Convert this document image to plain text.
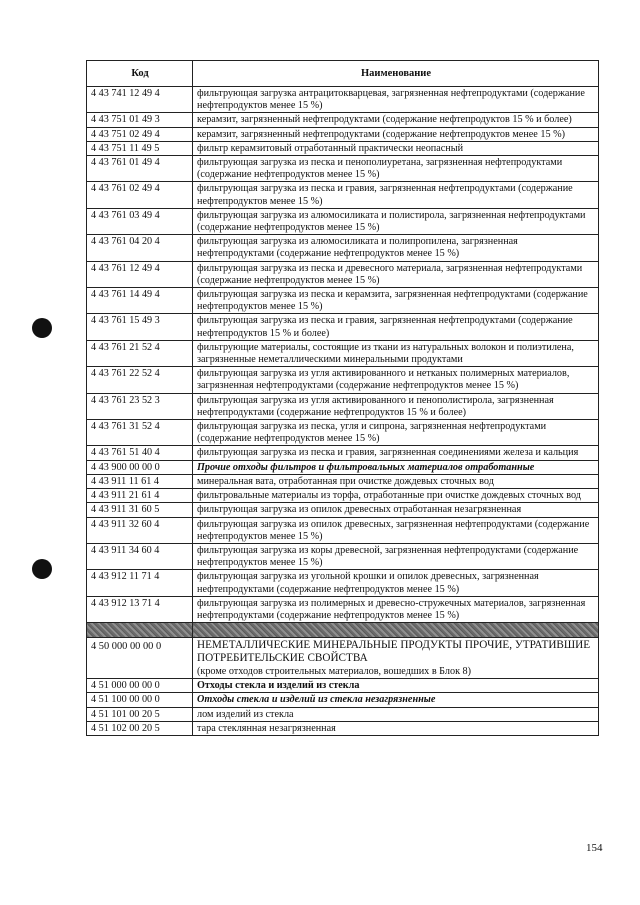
Код	Наименование
4 43 741 12 49 4	фильтрующая загрузка антрацитокварцевая, загрязненная нефтепродуктами (содержание нефтепродуктов менее 15 %)
4 43 751 01 49 3	керамзит, загрязненный нефтепродуктами (содержание нефтепродуктов 15 % и более)
4 43 751 02 49 4	керамзит, загрязненный нефтепродуктами (содержание нефтепродуктов менее 15 %)
4 43 751 11 49 5	фильтр керамзитовый отработанный практически неопасный
4 43 761 01 49 4	фильтрующая загрузка из песка и пенополиуретана, загрязненная нефтепродуктами (содержание нефтепродуктов менее 15 %)
4 43 761 02 49 4	фильтрующая загрузка из песка и гравия, загрязненная нефтепродуктами (содержание нефтепродуктов менее 15 %)
4 43 761 03 49 4	фильтрующая загрузка из алюмосиликата и полистирола, загрязненная нефтепродуктами (содержание нефтепродуктов менее 15 %)
4 43 761 04 20 4	фильтрующая загрузка из алюмосиликата и полипропилена, загрязненная нефтепродуктами (содержание нефтепродуктов менее 15 %)
4 43 761 12 49 4	фильтрующая загрузка из песка и древесного материала, загрязненная нефтепродуктами (содержание нефтепродуктов менее 15 %)
4 43 761 14 49 4	фильтрующая загрузка из песка и керамзита, загрязненная нефтепродуктами (содержание нефтепродуктов менее 15 %)
4 43 761 15 49 3	фильтрующая загрузка из песка и гравия, загрязненная нефтепродуктами (содержание нефтепродуктов 15 % и более)
4 43 761 21 52 4	фильтрующие материалы, состоящие из ткани из натуральных волокон и полиэтилена, загрязненные неметаллическими минеральными продуктами
4 43 761 22 52 4	фильтрующая загрузка из угля активированного и нетканых полимерных материалов, загрязненная нефтепродуктами (содержание нефтепродуктов менее 15 %)
4 43 761 23 52 3	фильтрующая загрузка из угля активированного и пенополистирола, загрязненная нефтепродуктами (содержание нефтепродуктов 15 % и более)
4 43 761 31 52 4	фильтрующая загрузка из песка, угля и сипрона, загрязненная нефтепродуктами (содержание нефтепродуктов менее 15 %)
4 43 761 51 40 4	фильтрующая загрузка из песка и гравия, загрязненная соединениями железа и кальция
4 43 900 00 00 0	Прочие отходы фильтров и фильтровальных материалов отработанные
4 43 911 11 61 4	минеральная вата, отработанная при очистке дождевых сточных вод
4 43 911 21 61 4	фильтровальные материалы из торфа, отработанные при очистке дождевых сточных вод
4 43 911 31 60 5	фильтрующая загрузка из опилок древесных отработанная незагрязненная
4 43 911 32 60 4	фильтрующая загрузка из опилок древесных, загрязненная нефтепродуктами (содержание нефтепродуктов менее 15 %)
4 43 911 34 60 4	фильтрующая загрузка из коры древесной, загрязненная нефтепродуктами (содержание нефтепродуктов менее 15 %)
4 43 912 11 71 4	фильтрующая загрузка из угольной крошки и опилок древесных, загрязненная нефтепродуктами (содержание нефтепродуктов менее 15 %)
4 43 912 13 71 4	фильтрующая загрузка из полимерных и древесно-стружечных материалов, загрязненная нефтепродуктами (содержание нефтепродуктов менее 15 %)

4 50 000 00 00 0	НЕМЕТАЛЛИЧЕСКИЕ МИНЕРАЛЬНЫЕ ПРОДУКТЫ ПРОЧИЕ, УТРАТИВШИЕ ПОТРЕБИТЕЛЬСКИЕ СВОЙСТВА
(кроме отходов строительных материалов, вошедших в Блок 8)

4 51 000 00 00 0	Отходы стекла и изделий из стекла
4 51 100 00 00 0	Отходы стекла и изделий из стекла незагрязненные
4 51 101 00 20 5	лом изделий из стекла
4 51 102 00 20 5	тара стеклянная незагрязненная
154
